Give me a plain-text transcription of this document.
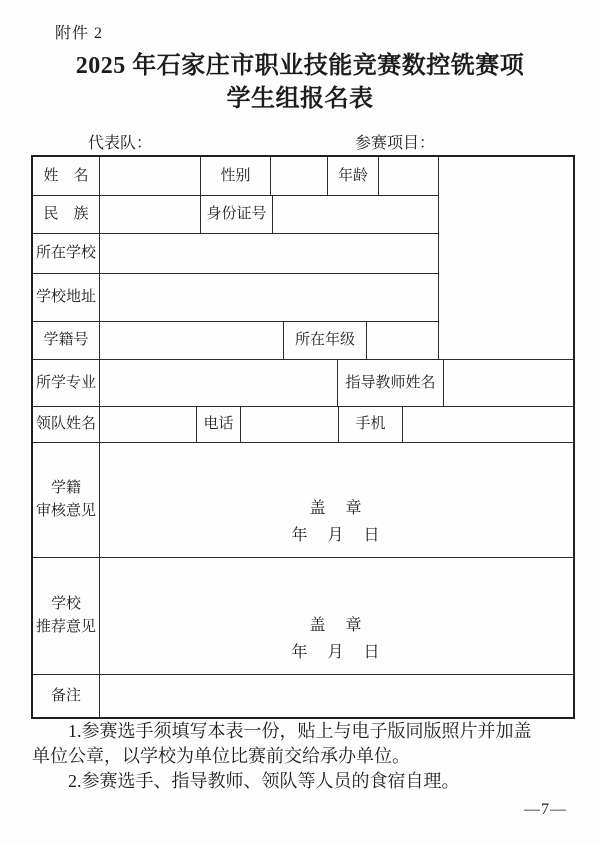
附件 2
2025 年石家庄市职业技能竞赛数控铣赛项
学生组报名表
代表队：	参赛项目：
姓　名	性别	年龄
民　族	身份证号
所在学校
学校地址
学籍号	所在年级
所学专业	指导教师姓名
领队姓名	电话	手机
学籍
审核意见	盖　章
年　月　日
学校
推荐意见	盖　章
年　月　日
备注
1.参赛选手须填写本表一份，贴上与电子版同版照片并加盖
单位公章，以学校为单位比赛前交给承办单位。
2.参赛选手、指导教师、领队等人员的食宿自理。
—7—
